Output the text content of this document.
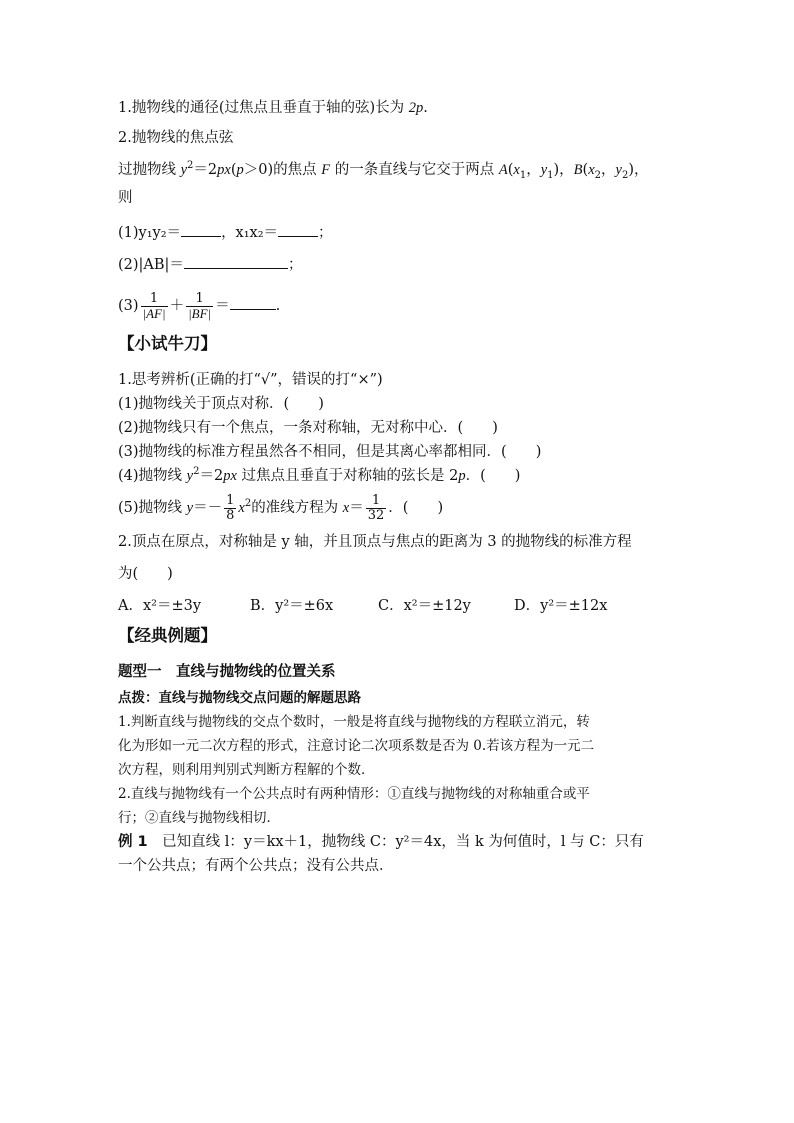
1.抛物线的通径(过焦点且垂直于轴的弦)长为 2p.
2.抛物线的焦点弦
过抛物线 $y^2=2px(p>0)$的焦点 F 的一条直线与它交于两点 $A(x_1$，$y_1$)，$B(x_2$，$y_2$)，
则
(1)y₁y₂＝	，x₁x₂＝	；
(2)|AB|＝	；
$(3) \frac{1}{|AF|} + \frac{1}{|BF|}$ ＝	.
【小试牛刀】
1.思考辨析(正确的打“√”，错误的打“×”)
(1)抛物线关于顶点对称．(　　)
(2)抛物线只有一个焦点，一条对称轴，无对称中心．(　　)
(3)抛物线的标准方程虽然各不相同，但是其离心率都相同．(　　)
(4)抛物线 $y^2=2px$ 过焦点且垂直于对称轴的弦长是 2p．(　　)
(5)抛物线 $y=- \frac{1}{8} x^2$的准线方程为 $x= \frac{1}{32}$ ．(　　)
2.顶点在原点，对称轴是 y 轴，并且顶点与焦点的距离为 3 的抛物线的标准方程
为(　　)
A．x²＝±3y	B．y²＝±6x	C．x²＝±12y	D．y²＝±12x
【经典例题】
题型一　直线与抛物线的位置关系
点拨：直线与抛物线交点问题的解题思路
1.判断直线与抛物线的交点个数时，一般是将直线与抛物线的方程联立消元，转
化为形如一元二次方程的形式，注意讨论二次项系数是否为 0.若该方程为一元二
次方程，则利用判别式判断方程解的个数．
2.直线与抛物线有一个公共点时有两种情形：①直线与抛物线的对称轴重合或平
行；②直线与抛物线相切．
例 1　已知直线 l：y＝kx＋1，抛物线 C：y²＝4x，当 k 为何值时，l 与 C：只有
一个公共点；有两个公共点；没有公共点．
